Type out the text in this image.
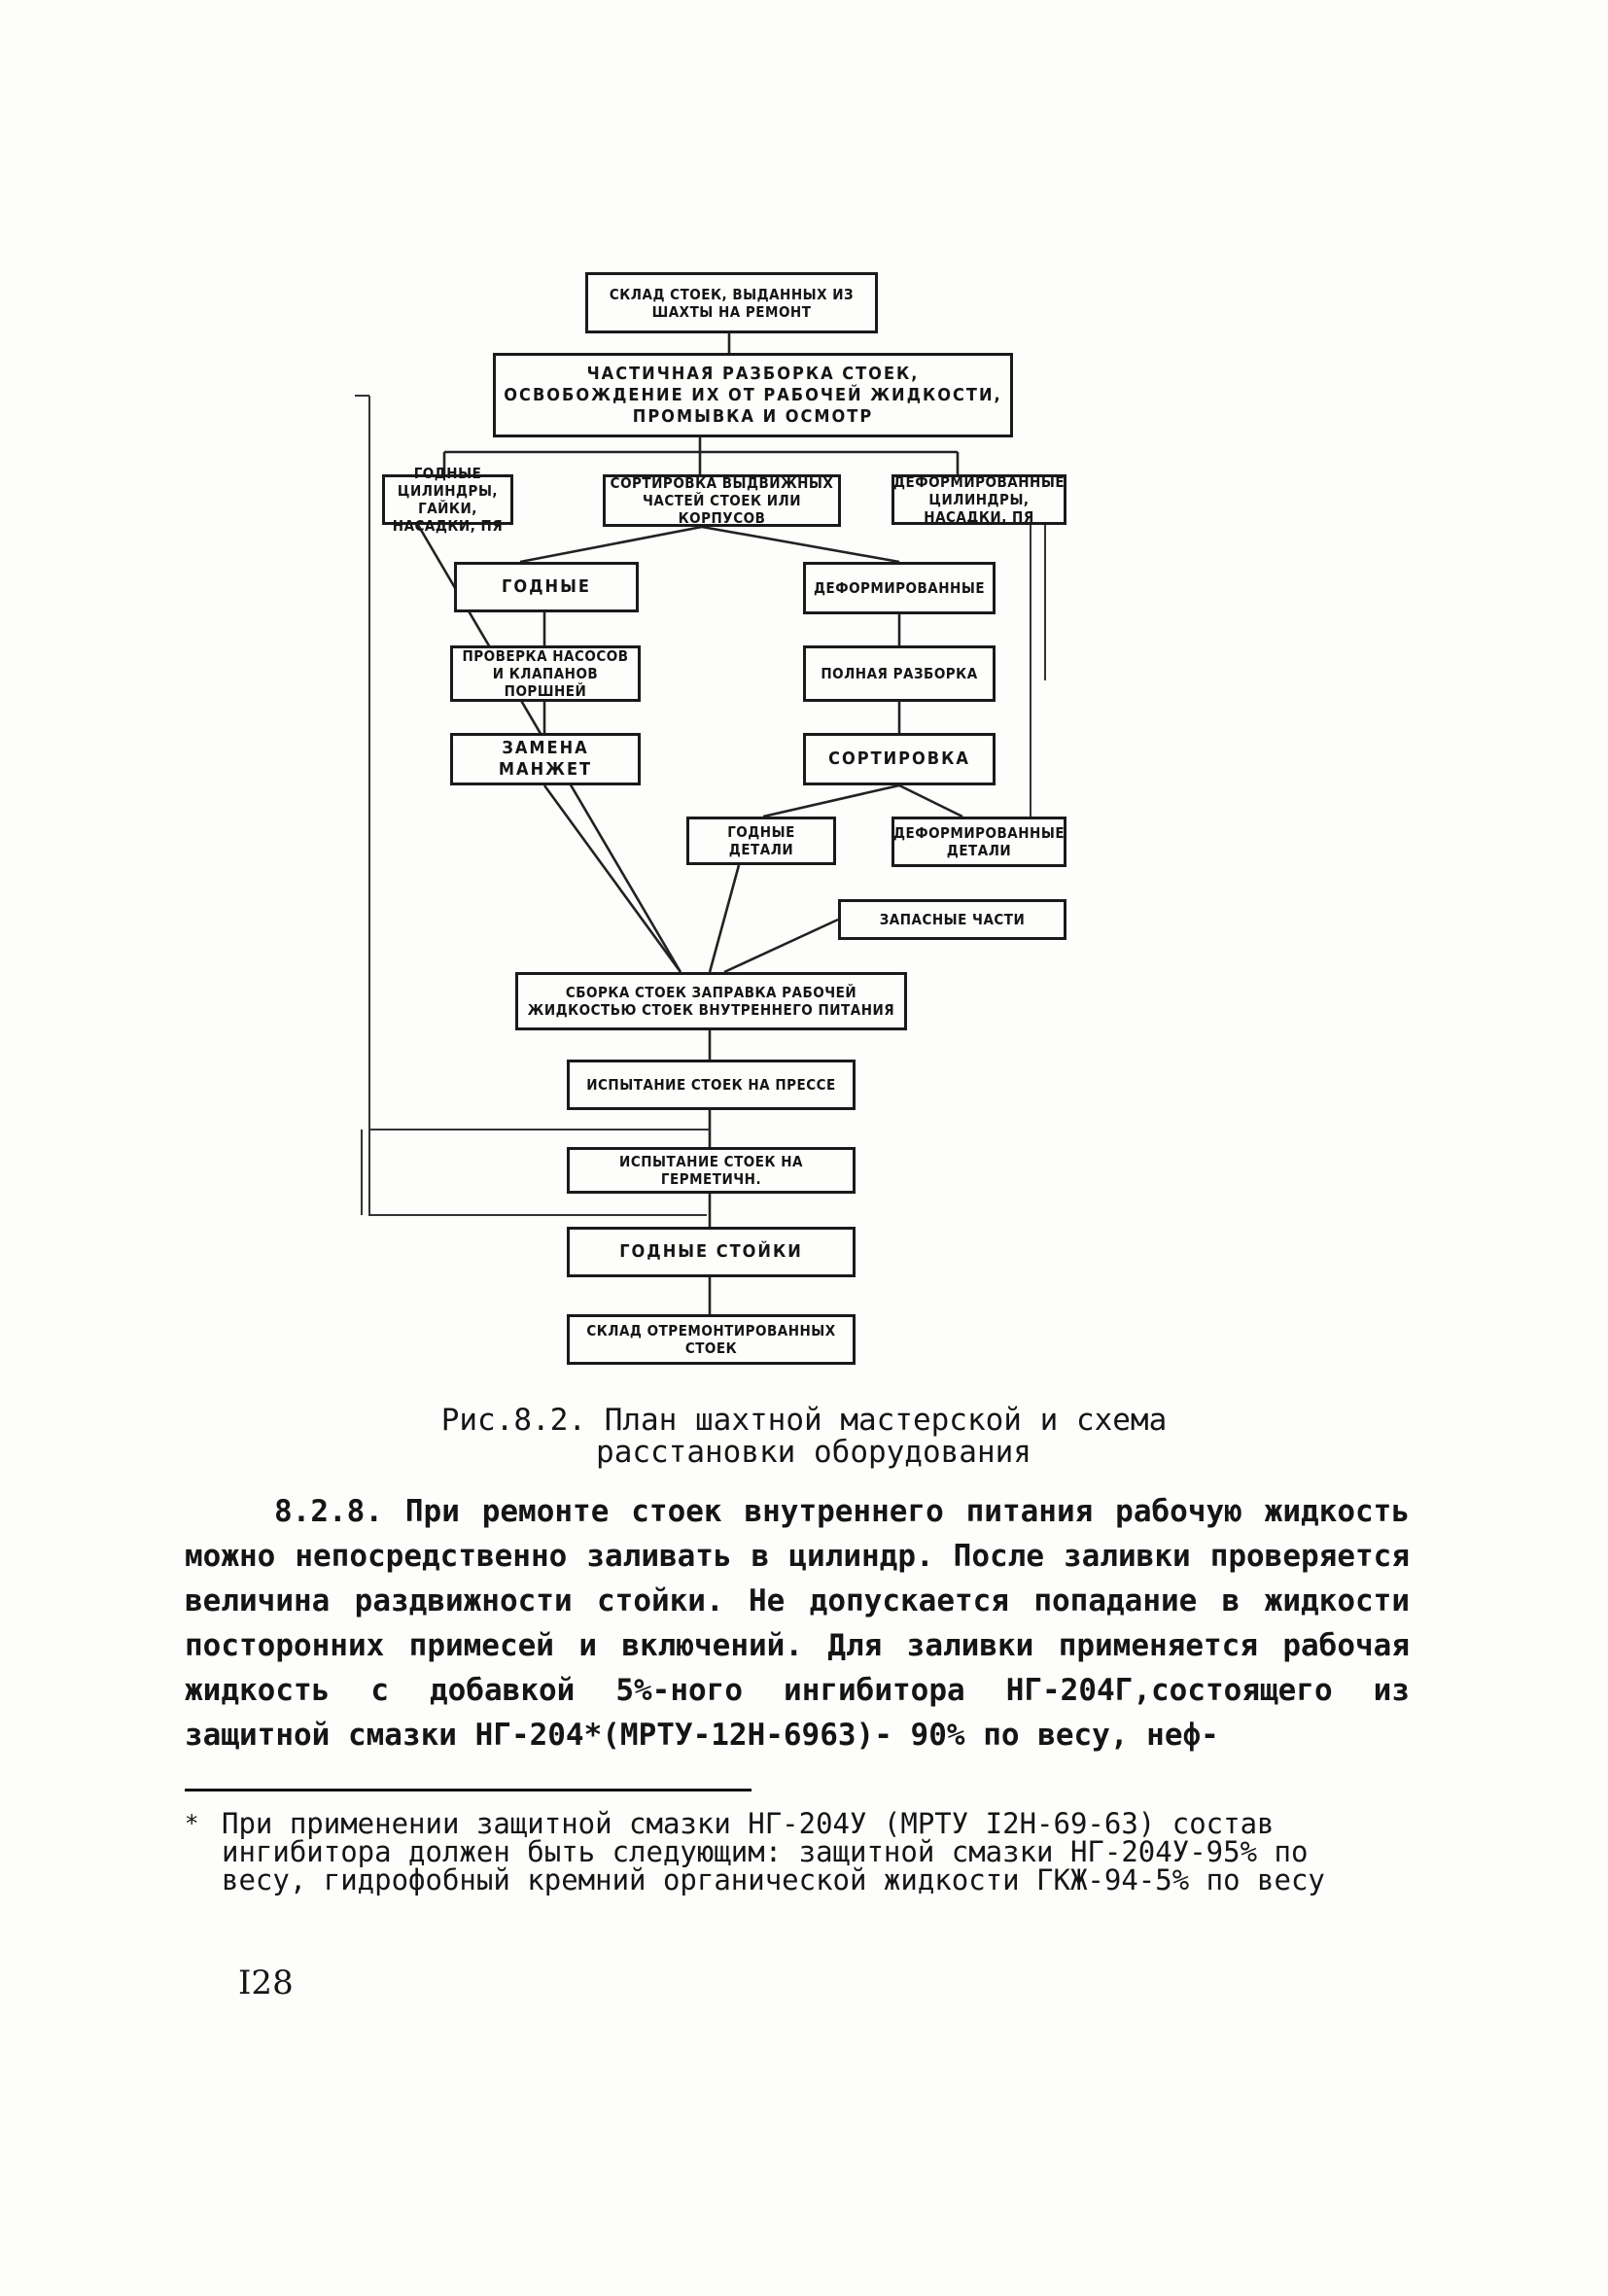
СКЛАД СТОЕК, ВЫДАННЫХ ИЗ ШАХТЫ НА РЕМОНТ
ЧАСТИЧНАЯ РАЗБОРКА СТОЕК, ОСВОБОЖДЕНИЕ ИХ ОТ РАБОЧЕЙ ЖИДКОСТИ, ПРОМЫВКА И ОСМОТР
ГОДНЫЕ ЦИЛИНДРЫ, ГАЙКИ, НАСАДКИ, ПЯ
СОРТИРОВКА ВЫДВИЖНЫХ ЧАСТЕЙ СТОЕК ИЛИ КОРПУСОВ
ДЕФОРМИРОВАННЫЕ ЦИЛИНДРЫ, НАСАДКИ, ПЯ
ГОДНЫЕ	ДЕФОРМИРОВАННЫЕ
ПРОВЕРКА НАСОСОВ И КЛАПАНОВ ПОРШНЕЙ
ПОЛНАЯ РАЗБОРКА
ЗАМЕНА МАНЖЕТ
СОРТИРОВКА
ГОДНЫЕ ДЕТАЛИ
ДЕФОРМИРОВАННЫЕ ДЕТАЛИ
ЗАПАСНЫЕ ЧАСТИ
СБОРКА СТОЕК ЗАПРАВКА РАБОЧЕЙ ЖИДКОСТЬЮ СТОЕК ВНУТРЕННЕГО ПИТАНИЯ
ИСПЫТАНИЕ СТОЕК НА ПРЕССЕ
ИСПЫТАНИЕ СТОЕК НА ГЕРМЕТИЧН.
ГОДНЫЕ СТОЙКИ
СКЛАД ОТРЕМОНТИРОВАННЫХ СТОЕК
Рис.8.2. План шахтной мастерской и схема
расстановки оборудования
8.2.8. При ремонте стоек внутреннего питания рабочую жидкость можно непосредственно заливать в цилиндр. После заливки проверяется величина раздвижности стойки. Не допускается попадание в жидкости посторонних примесей и включений. Для заливки применяется рабочая жидкость с добавкой 5%-ного ингибитора НГ-204Г,состоящего из защитной смазки НГ-204*(МРТУ-12Н-6963)- 90% по весу, неф-
* При применении защитной смазки НГ-204У (МРТУ I2Н-69-63) состав ингибитора должен быть следующим: защитной смазки НГ-204У-95% по весу, гидрофобный кремний органической жидкости ГКЖ-94-5% по весу
I28
